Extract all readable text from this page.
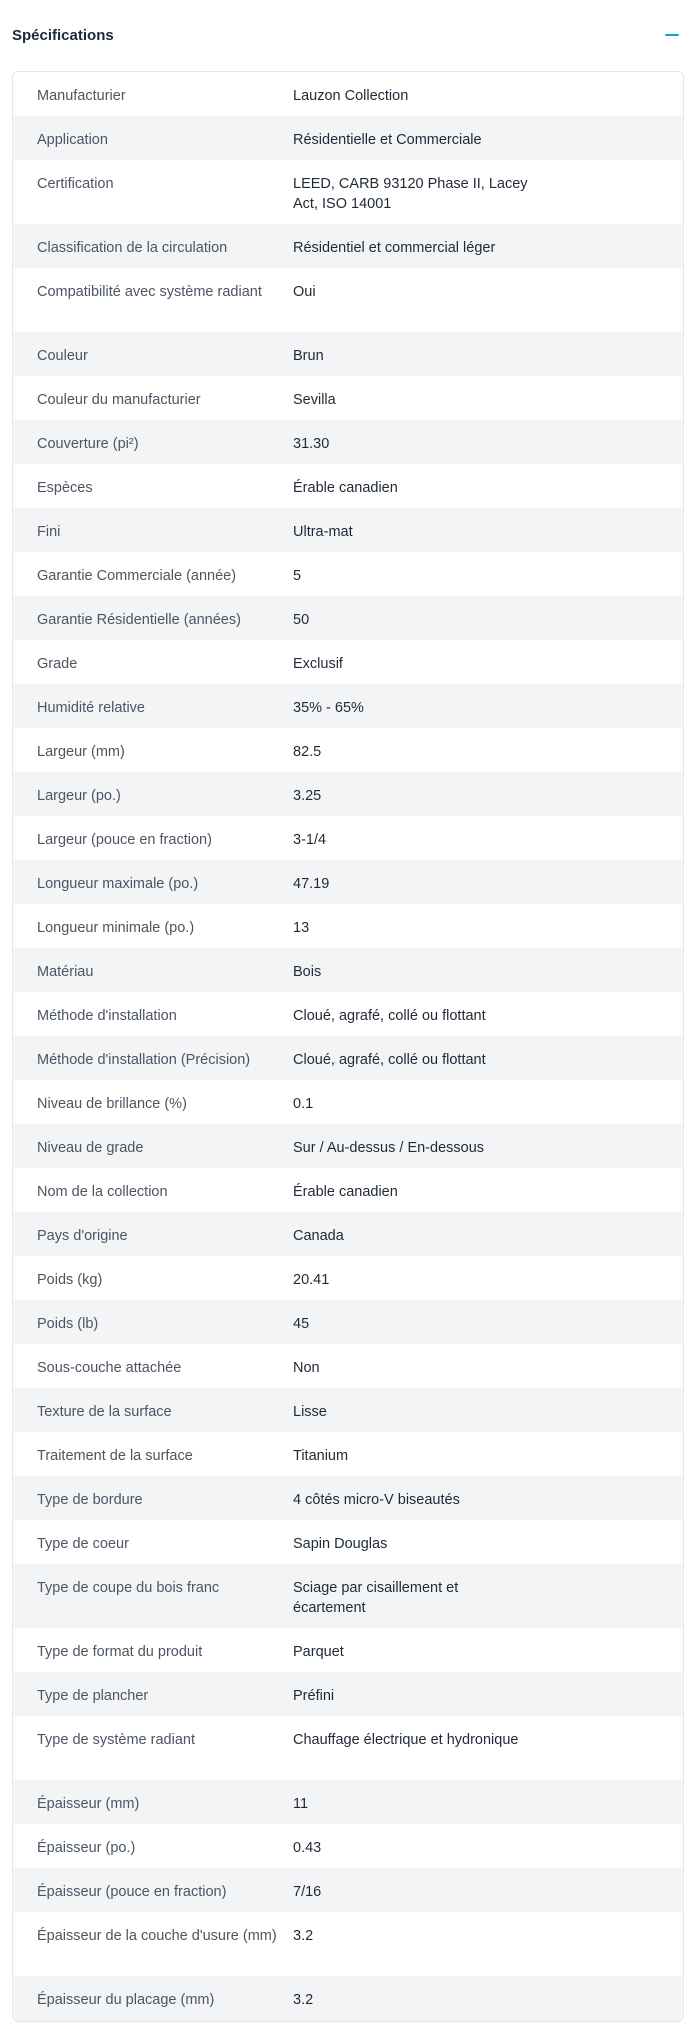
Spécifications
Manufacturier	Lauzon Collection
Application	Résidentielle et Commerciale
Certification	LEED, CARB 93120 Phase II, Lacey Act, ISO 14001
Classification de la circulation	Résidentiel et commercial léger
Compatibilité avec système radiant	Oui
Couleur	Brun
Couleur du manufacturier	Sevilla
Couverture (pi²)	31.30
Espèces	Érable canadien
Fini	Ultra-mat
Garantie Commerciale (année)	5
Garantie Résidentielle (années)	50
Grade	Exclusif
Humidité relative	35% - 65%
Largeur (mm)	82.5
Largeur (po.)	3.25
Largeur (pouce en fraction)	3-1/4
Longueur maximale (po.)	47.19
Longueur minimale (po.)	13
Matériau	Bois
Méthode d'installation	Cloué, agrafé, collé ou flottant
Méthode d'installation (Précision)	Cloué, agrafé, collé ou flottant
Niveau de brillance (%)	0.1
Niveau de grade	Sur / Au-dessus / En-dessous
Nom de la collection	Érable canadien
Pays d'origine	Canada
Poids (kg)	20.41
Poids (lb)	45
Sous-couche attachée	Non
Texture de la surface	Lisse
Traitement de la surface	Titanium
Type de bordure	4 côtés micro-V biseautés
Type de coeur	Sapin Douglas
Type de coupe du bois franc	Sciage par cisaillement et écartement
Type de format du produit	Parquet
Type de plancher	Préfini
Type de système radiant	Chauffage électrique et hydronique
Épaisseur (mm)	11
Épaisseur (po.)	0.43
Épaisseur (pouce en fraction)	7/16
Épaisseur de la couche d'usure (mm)	3.2
Épaisseur du placage (mm)	3.2
